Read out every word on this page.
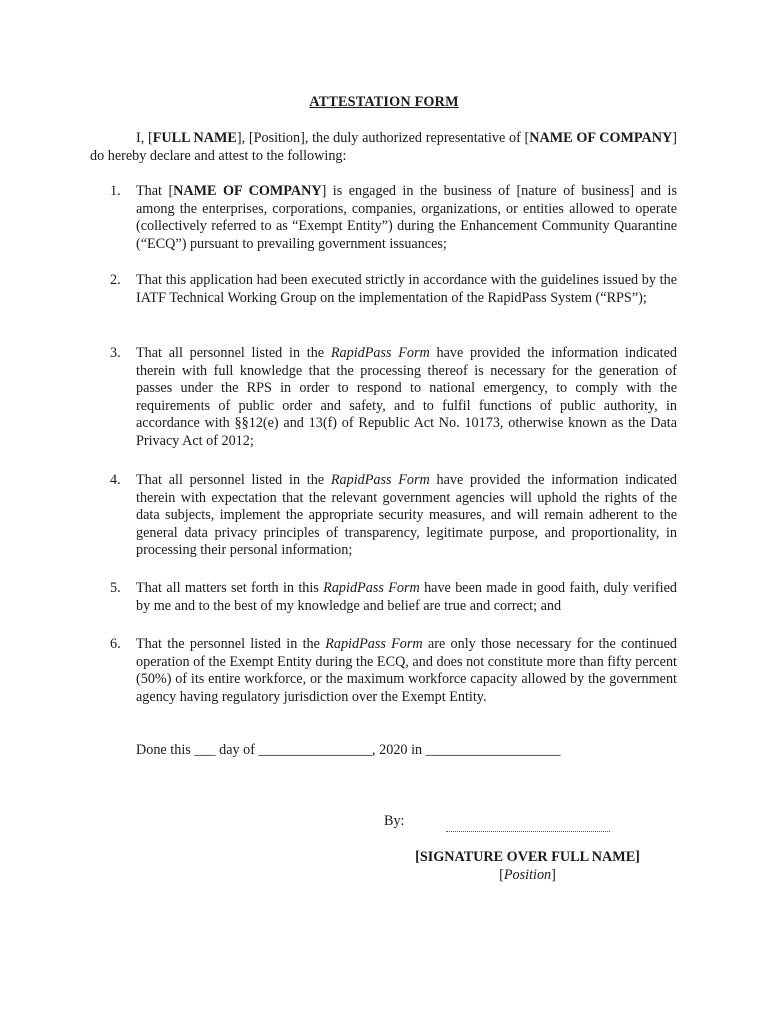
ATTESTATION FORM
I, [FULL NAME], [Position], the duly authorized representative of [NAME OF COMPANY] do hereby declare and attest to the following:
1.	That [NAME OF COMPANY] is engaged in the business of [nature of business] and is among the enterprises, corporations, companies, organizations, or entities allowed to operate (collectively referred to as “Exempt Entity”) during the Enhancement Community Quarantine (“ECQ”) pursuant to prevailing government issuances;
2.	That this application had been executed strictly in accordance with the guidelines issued by the IATF Technical Working Group on the implementation of the RapidPass System (“RPS”);
3.	That all personnel listed in the RapidPass Form have provided the information indicated therein with full knowledge that the processing thereof is necessary for the generation of passes under the RPS in order to respond to national emergency, to comply with the requirements of public order and safety, and to fulfil functions of public authority, in accordance with §§12(e) and 13(f) of Republic Act No. 10173, otherwise known as the Data Privacy Act of 2012;
4.	That all personnel listed in the RapidPass Form have provided the information indicated therein with expectation that the relevant government agencies will uphold the rights of the data subjects, implement the appropriate security measures, and will remain adherent to the general data privacy principles of transparency, legitimate purpose, and proportionality, in processing their personal information;
5.	That all matters set forth in this RapidPass Form have been made in good faith, duly verified by me and to the best of my knowledge and belief are true and correct; and
6.	That the personnel listed in the RapidPass Form are only those necessary for the continued operation of the Exempt Entity during the ECQ, and does not constitute more than fifty percent (50%) of its entire workforce, or the maximum workforce capacity allowed by the government agency having regulatory jurisdiction over the Exempt Entity.
Done this ___ day of ________________, 2020 in ___________________
By:
[SIGNATURE OVER FULL NAME]
[Position]
